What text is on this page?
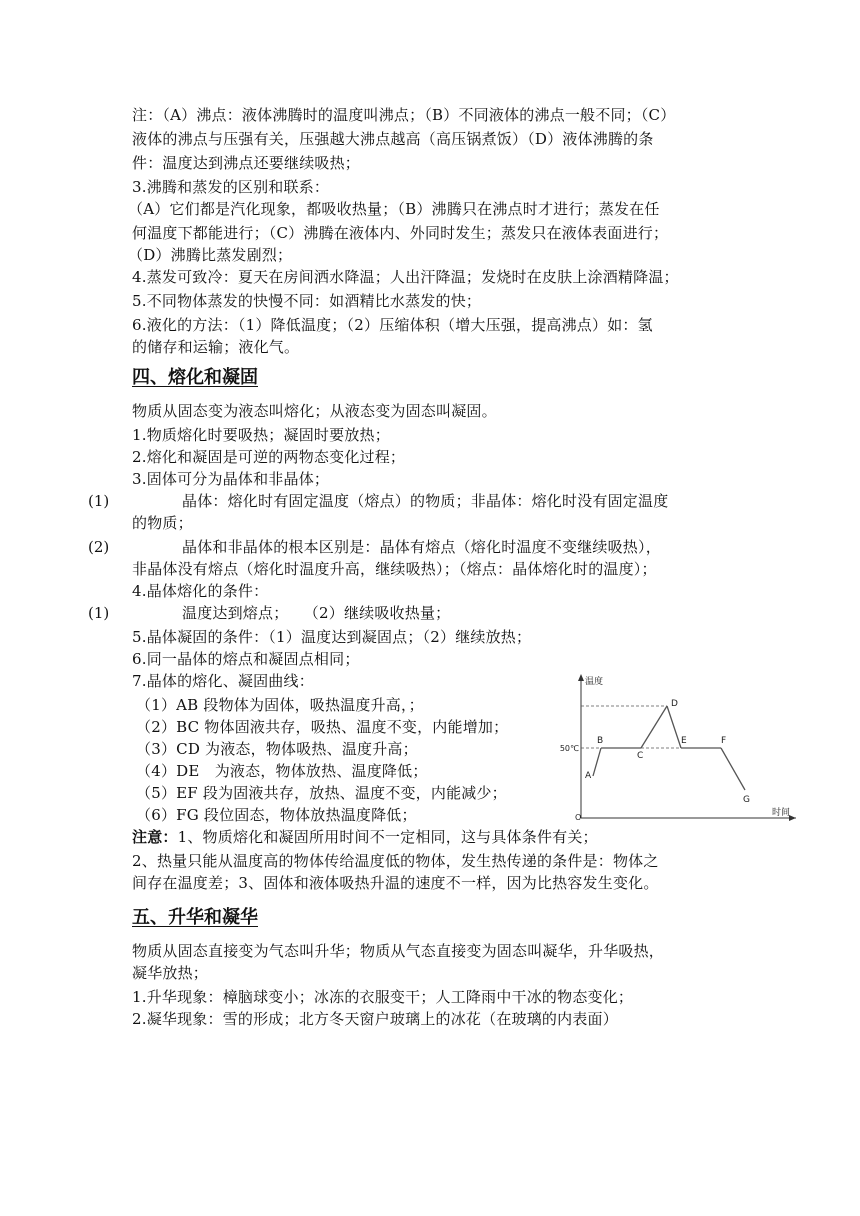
注：（A）沸点：液体沸腾时的温度叫沸点；（B）不同液体的沸点一般不同；（C）
液体的沸点与压强有关，压强越大沸点越高（高压锅煮饭）（D）液体沸腾的条
件：温度达到沸点还要继续吸热；
3.沸腾和蒸发的区别和联系：
（A）它们都是汽化现象，都吸收热量；（B）沸腾只在沸点时才进行；蒸发在任
何温度下都能进行；（C）沸腾在液体内、外同时发生；蒸发只在液体表面进行；
（D）沸腾比蒸发剧烈；
4.蒸发可致冷：夏天在房间洒水降温；人出汗降温；发烧时在皮肤上涂酒精降温；
5.不同物体蒸发的快慢不同：如酒精比水蒸发的快；
6.液化的方法：（1）降低温度；（2）压缩体积（增大压强，提高沸点）如：氢
的储存和运输；液化气。
四、熔化和凝固
物质从固态变为液态叫熔化；从液态变为固态叫凝固。
1.物质熔化时要吸热；凝固时要放热；
2.熔化和凝固是可逆的两物态变化过程；
3.固体可分为晶体和非晶体；
(1)	晶体：熔化时有固定温度（熔点）的物质；非晶体：熔化时没有固定温度
的物质；
(2)	晶体和非晶体的根本区别是：晶体有熔点（熔化时温度不变继续吸热），
非晶体没有熔点（熔化时温度升高，继续吸热）；（熔点：晶体熔化时的温度）；
4.晶体熔化的条件：
(1)	温度达到熔点；　　（2）继续吸收热量；
5.晶体凝固的条件：（1）温度达到凝固点；（2）继续放热；
6.同一晶体的熔点和凝固点相同；
7.晶体的熔化、凝固曲线：
（1）AB 段物体为固体，吸热温度升高，；
（2）BC 物体固液共存，吸热、温度不变，内能增加；
（3）CD 为液态，物体吸热、温度升高；
（4）DE　为液态，物体放热、温度降低；
（5）EF 段为固液共存，放热、温度不变，内能减少；
（6）FG 段位固态，物体放热温度降低；
注意：1、物质熔化和凝固所用时间不一定相同，这与具体条件有关；
2、热量只能从温度高的物体传给温度低的物体，发生热传递的条件是：物体之
间存在温度差；3、固体和液体吸热升温的速度不一样，因为比热容发生变化。
温度
时间
O
50℃
A
B
C
D
E	F
G
五、升华和凝华
物质从固态直接变为气态叫升华；物质从气态直接变为固态叫凝华，升华吸热，
凝华放热；
1.升华现象：樟脑球变小；冰冻的衣服变干；人工降雨中干冰的物态变化；
2.凝华现象：雪的形成；北方冬天窗户玻璃上的冰花（在玻璃的内表面）
